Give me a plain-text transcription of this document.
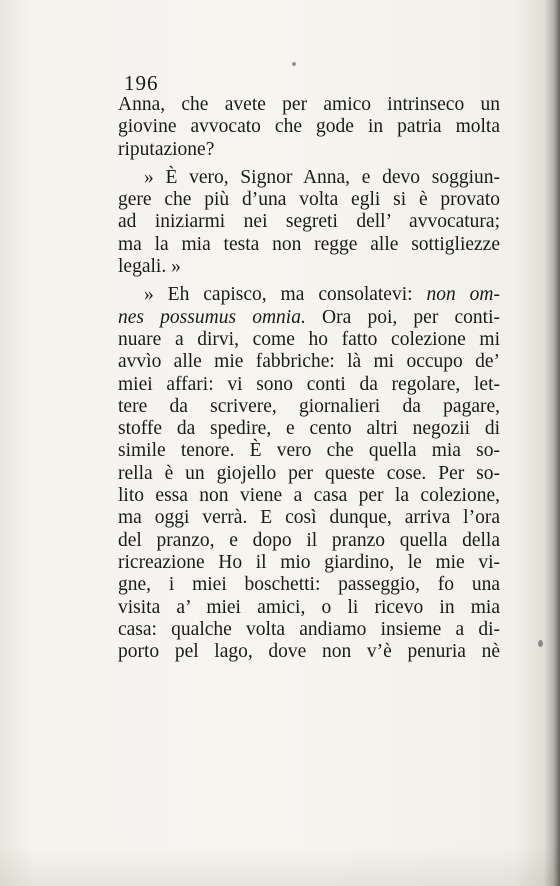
196
Anna, che avete per amico intrinseco un
giovine avvocato che gode in patria molta
riputazione?
» È vero, Signor Anna, e devo soggiun-
gere che più d’una volta egli si è provato
ad iniziarmi nei segreti dell’ avvocatura;
ma la mia testa non regge alle sottigliezze
legali. »
» Eh capisco, ma consolatevi: non om-
nes possumus omnia. Ora poi, per conti-
nuare a dirvi, come ho fatto colezione mi
avvìo alle mie fabbriche: là mi occupo de’
miei affari: vi sono conti da regolare, let-
tere da scrivere, giornalieri da pagare,
stoffe da spedire, e cento altri negozii di
simile tenore. È vero che quella mia so-
rella è un giojello per queste cose. Per so-
lito essa non viene a casa per la colezione,
ma oggi verrà. E così dunque, arriva l’ora
del pranzo, e dopo il pranzo quella della
ricreazione Ho il mio giardino, le mie vi-
gne, i miei boschetti: passeggio, fo una
visita a’ miei amici, o li ricevo in mia
casa: qualche volta andiamo insieme a di-
porto pel lago, dove non v’è penuria nè
